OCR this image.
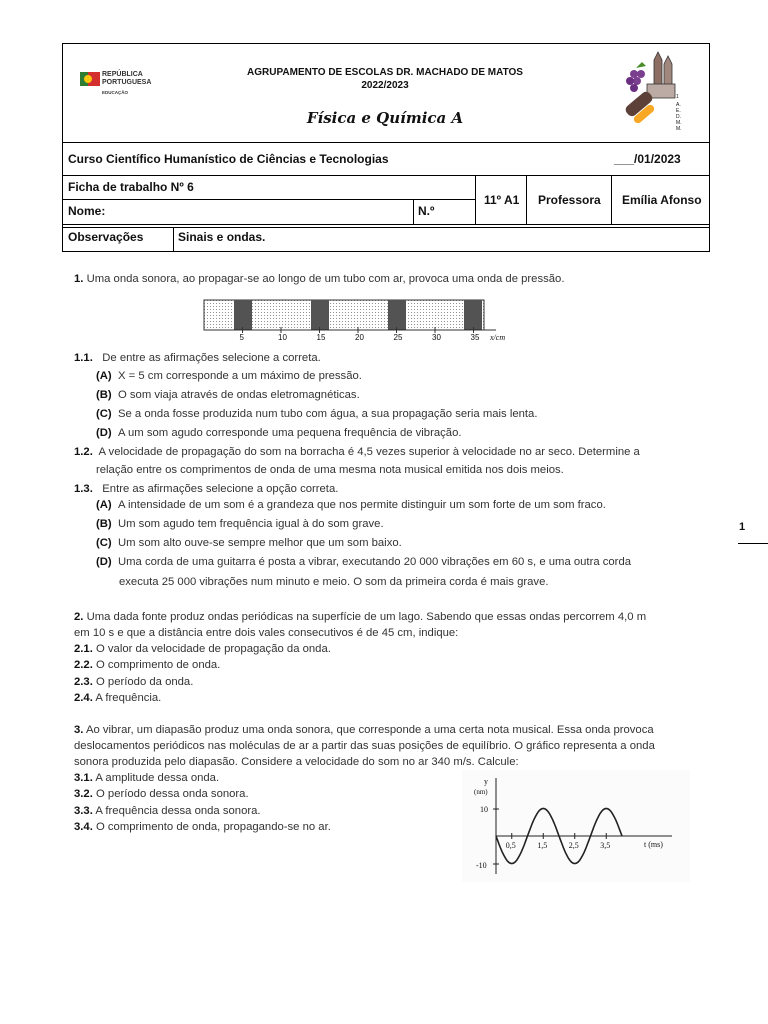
REPÚBLICA
PORTUGUESA
EDUCAÇÃO
AGRUPAMENTO DE ESCOLAS DR. MACHADO DE MATOS
2022/2023
Física e Química A
1
A.
E.
D.
M.
M.
Curso Científico Humanístico de Ciências e Tecnologias	___/01/2023
Ficha de trabalho Nº 6
11º A1 Professora Emília Afonso
Nome:	N.º
Observações	Sinais e ondas.
1
1. Uma onda sonora, ao propagar-se ao longo de um tubo com ar, provoca uma onda de pressão.
5	10	15	20	25	30	35 x/cm
1.1. De entre as afirmações selecione a correta.
(A) X = 5 cm corresponde a um máximo de pressão.
(B) O som viaja através de ondas eletromagnéticas.
(C) Se a onda fosse produzida num tubo com água, a sua propagação seria mais lenta.
(D) A um som agudo corresponde uma pequena frequência de vibração.
1.2. A velocidade de propagação do som na borracha é 4,5 vezes superior à velocidade no ar seco. Determine a
relação entre os comprimentos de onda de uma mesma nota musical emitida nos dois meios.
1.3. Entre as afirmações selecione a opção correta.
(A) A intensidade de um som é a grandeza que nos permite distinguir um som forte de um som fraco.
(B) Um som agudo tem frequência igual à do som grave.
(C) Um som alto ouve-se sempre melhor que um som baixo.
(D) Uma corda de uma guitarra é posta a vibrar, executando 20 000 vibrações em 60 s, e uma outra corda
executa 25 000 vibrações num minuto e meio. O som da primeira corda é mais grave.
2. Uma dada fonte produz ondas periódicas na superfície de um lago. Sabendo que essas ondas percorrem 4,0 m
em 10 s e que a distância entre dois vales consecutivos é de 45 cm, indique:
2.1. O valor da velocidade de propagação da onda.
2.2. O comprimento de onda.
2.3. O período da onda.
2.4. A frequência.
3. Ao vibrar, um diapasão produz uma onda sonora, que corresponde a uma certa nota musical. Essa onda provoca
deslocamentos periódicos nas moléculas de ar a partir das suas posições de equilíbrio. O gráfico representa a onda
sonora produzida pelo diapasão. Considere a velocidade do som no ar 340 m/s. Calcule:
3.1. A amplitude dessa onda.
3.2. O período dessa onda sonora.
3.3. A frequência dessa onda sonora.
3.4. O comprimento de onda, propagando-se no ar.
y
(nm)
10
-10
t (ms)
0,5	1,5	2,5	3,5
